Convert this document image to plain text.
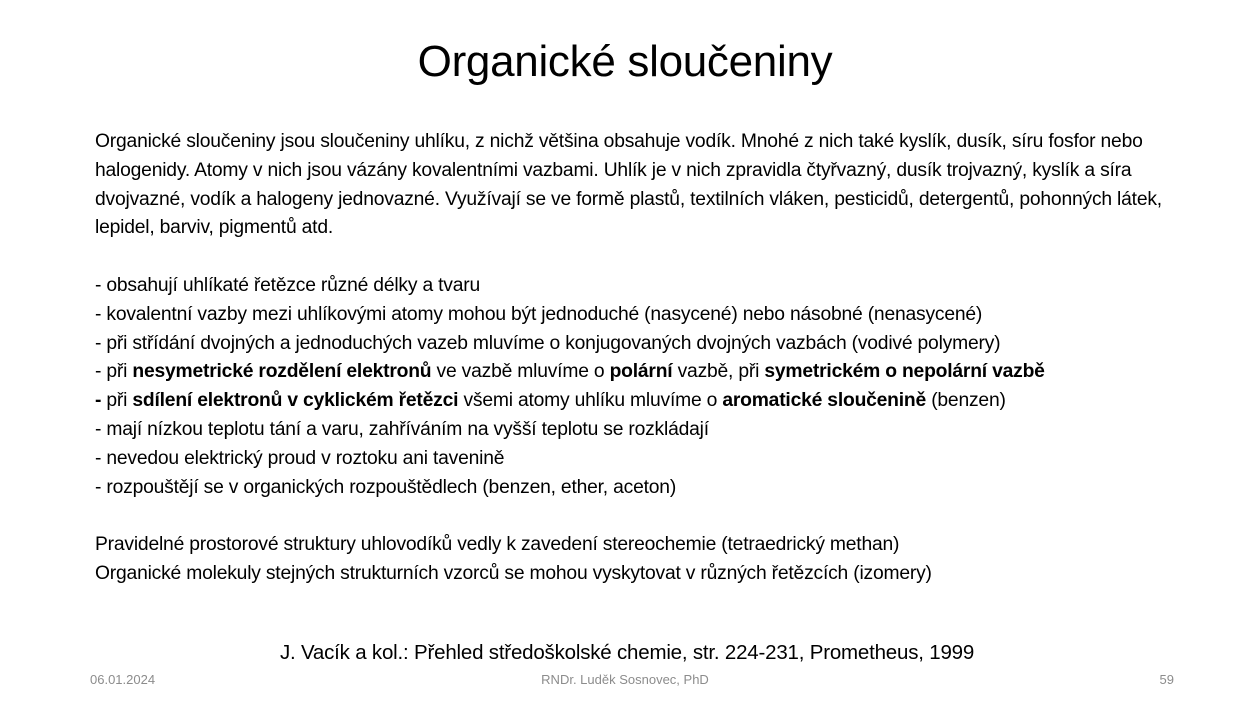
Organické sloučeniny

Organické sloučeniny jsou sloučeniny uhlíku, z nichž většina obsahuje vodík. Mnohé z nich také kyslík, dusík, síru fosfor nebo halogenidy. Atomy v nich jsou vázány kovalentními vazbami. Uhlík je v nich zpravidla čtyřvazný, dusík trojvazný, kyslík a síra dvojvazné, vodík a halogeny jednovazné. Využívají se ve formě plastů, textilních vláken, pesticidů, detergentů, pohonných látek, lepidel, barviv, pigmentů atd.

- obsahují uhlíkaté řetězce různé délky a tvaru
- kovalentní vazby mezi uhlíkovými atomy mohou být jednoduché (nasycené) nebo násobné (nenasycené)
- při střídání dvojných a jednoduchých vazeb mluvíme o konjugovaných dvojných vazbách (vodivé polymery)
- při nesymetrické rozdělení elektronů ve vazbě mluvíme o polární vazbě, při symetrickém o nepolární vazbě
- při sdílení elektronů v cyklickém řetězci všemi atomy uhlíku mluvíme o aromatické sloučenině (benzen)
- mají nízkou teplotu tání a varu, zahříváním na vyšší teplotu se rozkládají
- nevedou elektrický proud v roztoku ani tavenině
- rozpouštějí se v organických rozpouštědlech (benzen, ether, aceton)

Pravidelné prostorové struktury uhlovodíků vedly k zavedení stereochemie (tetraedrický methan)

Organické molekuly stejných strukturních vzorců se mohou vyskytovat v různých řetězcích (izomery)

J. Vacík a kol.: Přehled středoškolské chemie, str. 224-231, Prometheus, 1999
06.01.2024	RNDr. Luděk Sosnovec, PhD	59
